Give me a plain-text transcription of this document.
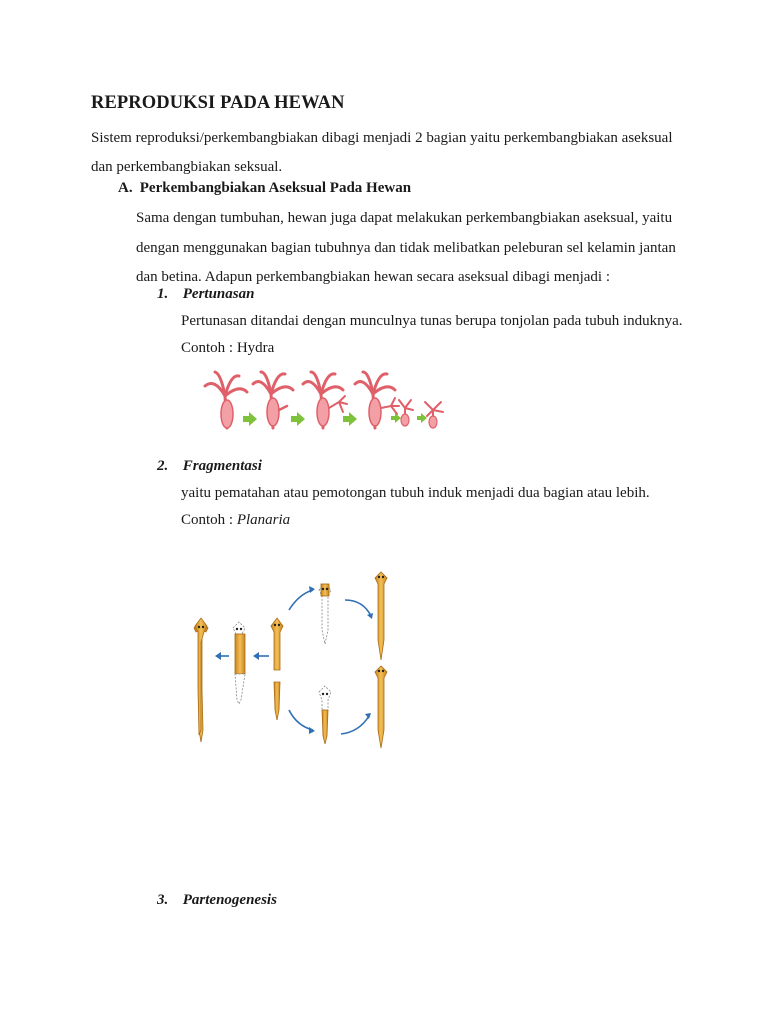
REPRODUKSI PADA HEWAN
Sistem reproduksi/perkembangbiakan dibagi menjadi 2 bagian yaitu perkembangbiakan aseksual dan perkembangbiakan seksual.
A. Perkembangbiakan Aseksual Pada Hewan
Sama dengan tumbuhan, hewan juga dapat melakukan perkembangbiakan aseksual, yaitu dengan menggunakan bagian tubuhnya dan tidak melibatkan peleburan sel kelamin jantan dan betina. Adapun perkembangbiakan hewan secara aseksual dibagi menjadi :
1. Pertunasan
Pertunasan ditandai dengan munculnya tunas berupa tonjolan pada tubuh induknya.
Contoh : Hydra
2. Fragmentasi
yaitu pematahan atau pemotongan tubuh induk menjadi dua bagian atau lebih.
Contoh : Planaria
3. Partenogenesis
